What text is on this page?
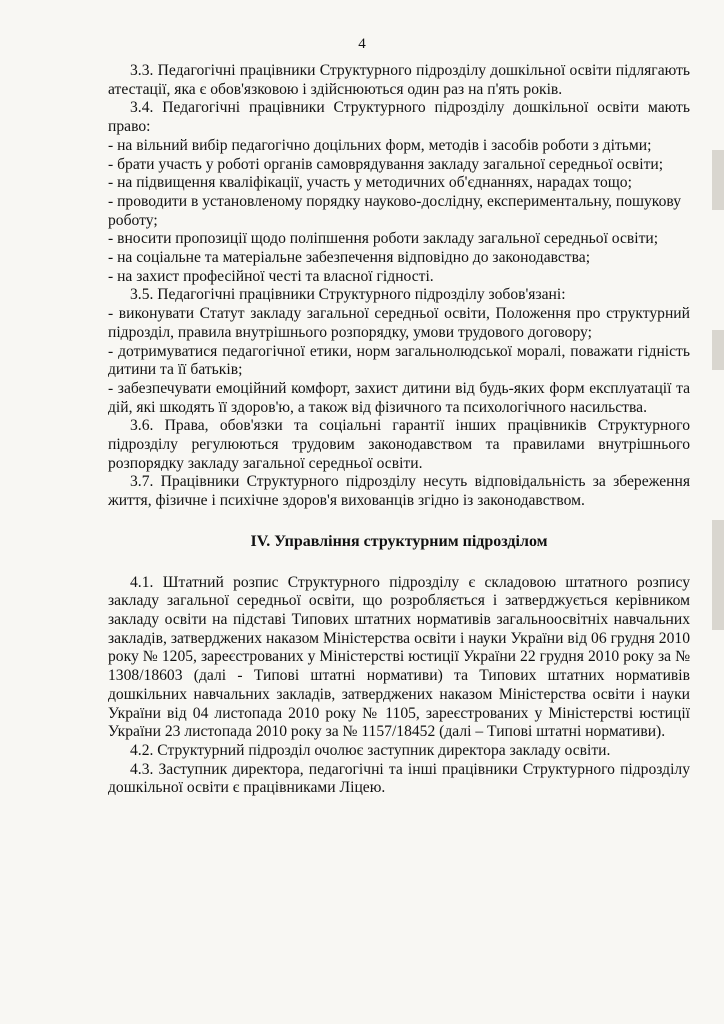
4

3.3. Педагогічні працівники Структурного підрозділу дошкільної освіти підлягають атестації, яка є обов'язковою і здійснюються один раз на п'ять років.

3.4. Педагогічні працівники Структурного підрозділу дошкільної освіти мають право:

- на вільний вибір педагогічно доцільних форм, методів і засобів роботи з дітьми;

- брати участь у роботі органів самоврядування закладу загальної середньої освіти;

- на підвищення кваліфікації, участь у методичних об'єднаннях, нарадах тощо;

- проводити в установленому порядку науково-дослідну, експериментальну, пошукову роботу;

- вносити пропозиції щодо поліпшення роботи закладу загальної середньої освіти;

- на соціальне та матеріальне забезпечення відповідно до законодавства;

- на захист професійної честі та власної гідності.

3.5. Педагогічні працівники Структурного підрозділу зобов'язані:

- виконувати Статут закладу загальної середньої освіти, Положення про структурний підрозділ, правила внутрішнього розпорядку, умови трудового договору;

- дотримуватися педагогічної етики, норм загальнолюдської моралі, поважати гідність дитини та її батьків;

- забезпечувати емоційний комфорт, захист дитини від будь-яких форм експлуатації та дій, які шкодять її здоров'ю, а також від фізичного та психологічного насильства.

3.6. Права, обов'язки та соціальні гарантії інших працівників Структурного підрозділу регулюються трудовим законодавством та правилами внутрішнього розпорядку закладу загальної середньої освіти.

3.7. Працівники Структурного підрозділу несуть відповідальність за збереження життя, фізичне і психічне здоров'я вихованців згідно із законодавством.

IV. Управління структурним підрозділом

4.1. Штатний розпис Структурного підрозділу є складовою штатного розпису закладу загальної середньої освіти, що розробляється і затверджується керівником закладу освіти на підставі Типових штатних нормативів загальноосвітніх навчальних закладів, затверджених наказом Міністерства освіти і науки України від 06 грудня 2010 року № 1205, зареєстрованих у Міністерстві юстиції України 22 грудня 2010 року за № 1308/18603 (далі - Типові штатні нормативи) та Типових штатних нормативів дошкільних навчальних закладів, затверджених наказом Міністерства освіти і науки України від 04 листопада 2010 року № 1105, зареєстрованих у Міністерстві юстиції України 23 листопада 2010 року за № 1157/18452 (далі – Типові штатні нормативи).

4.2. Структурний підрозділ очолює заступник директора закладу освіти.

4.3. Заступник директора, педагогічні та інші працівники Структурного підрозділу дошкільної освіти є працівниками Ліцею.
